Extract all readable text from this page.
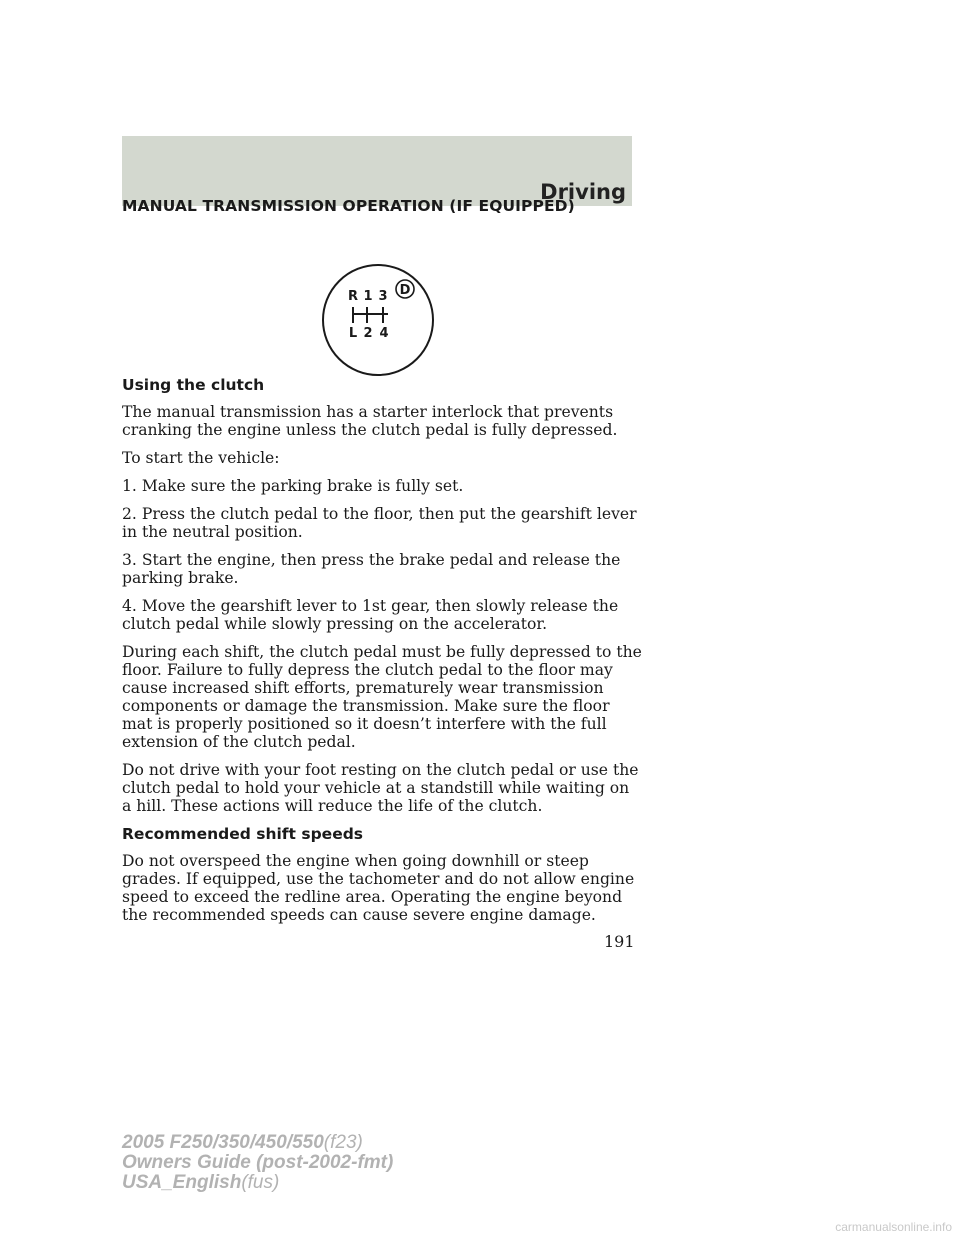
Driving
MANUAL TRANSMISSION OPERATION (IF EQUIPPED)
R 1 3 D
L 2 4
Using the clutch

The manual transmission has a starter interlock that prevents cranking the engine unless the clutch pedal is fully depressed.

To start the vehicle:

1. Make sure the parking brake is fully set.

2. Press the clutch pedal to the floor, then put the gearshift lever in the neutral position.

3. Start the engine, then press the brake pedal and release the parking brake.

4. Move the gearshift lever to 1st gear, then slowly release the clutch pedal while slowly pressing on the accelerator.

During each shift, the clutch pedal must be fully depressed to the floor. Failure to fully depress the clutch pedal to the floor may cause increased shift efforts, prematurely wear transmission components or damage the transmission. Make sure the floor mat is properly positioned so it doesn’t interfere with the full extension of the clutch pedal.

Do not drive with your foot resting on the clutch pedal or use the clutch pedal to hold your vehicle at a standstill while waiting on a hill. These actions will reduce the life of the clutch.

Recommended shift speeds

Do not overspeed the engine when going downhill or steep grades. If equipped, use the tachometer and do not allow engine speed to exceed the redline area. Operating the engine beyond the recommended speeds can cause severe engine damage.

191
2005 F250/350/450/550(f23)
Owners Guide (post-2002-fmt)
USA_English(fus)
carmanualsonline.info
